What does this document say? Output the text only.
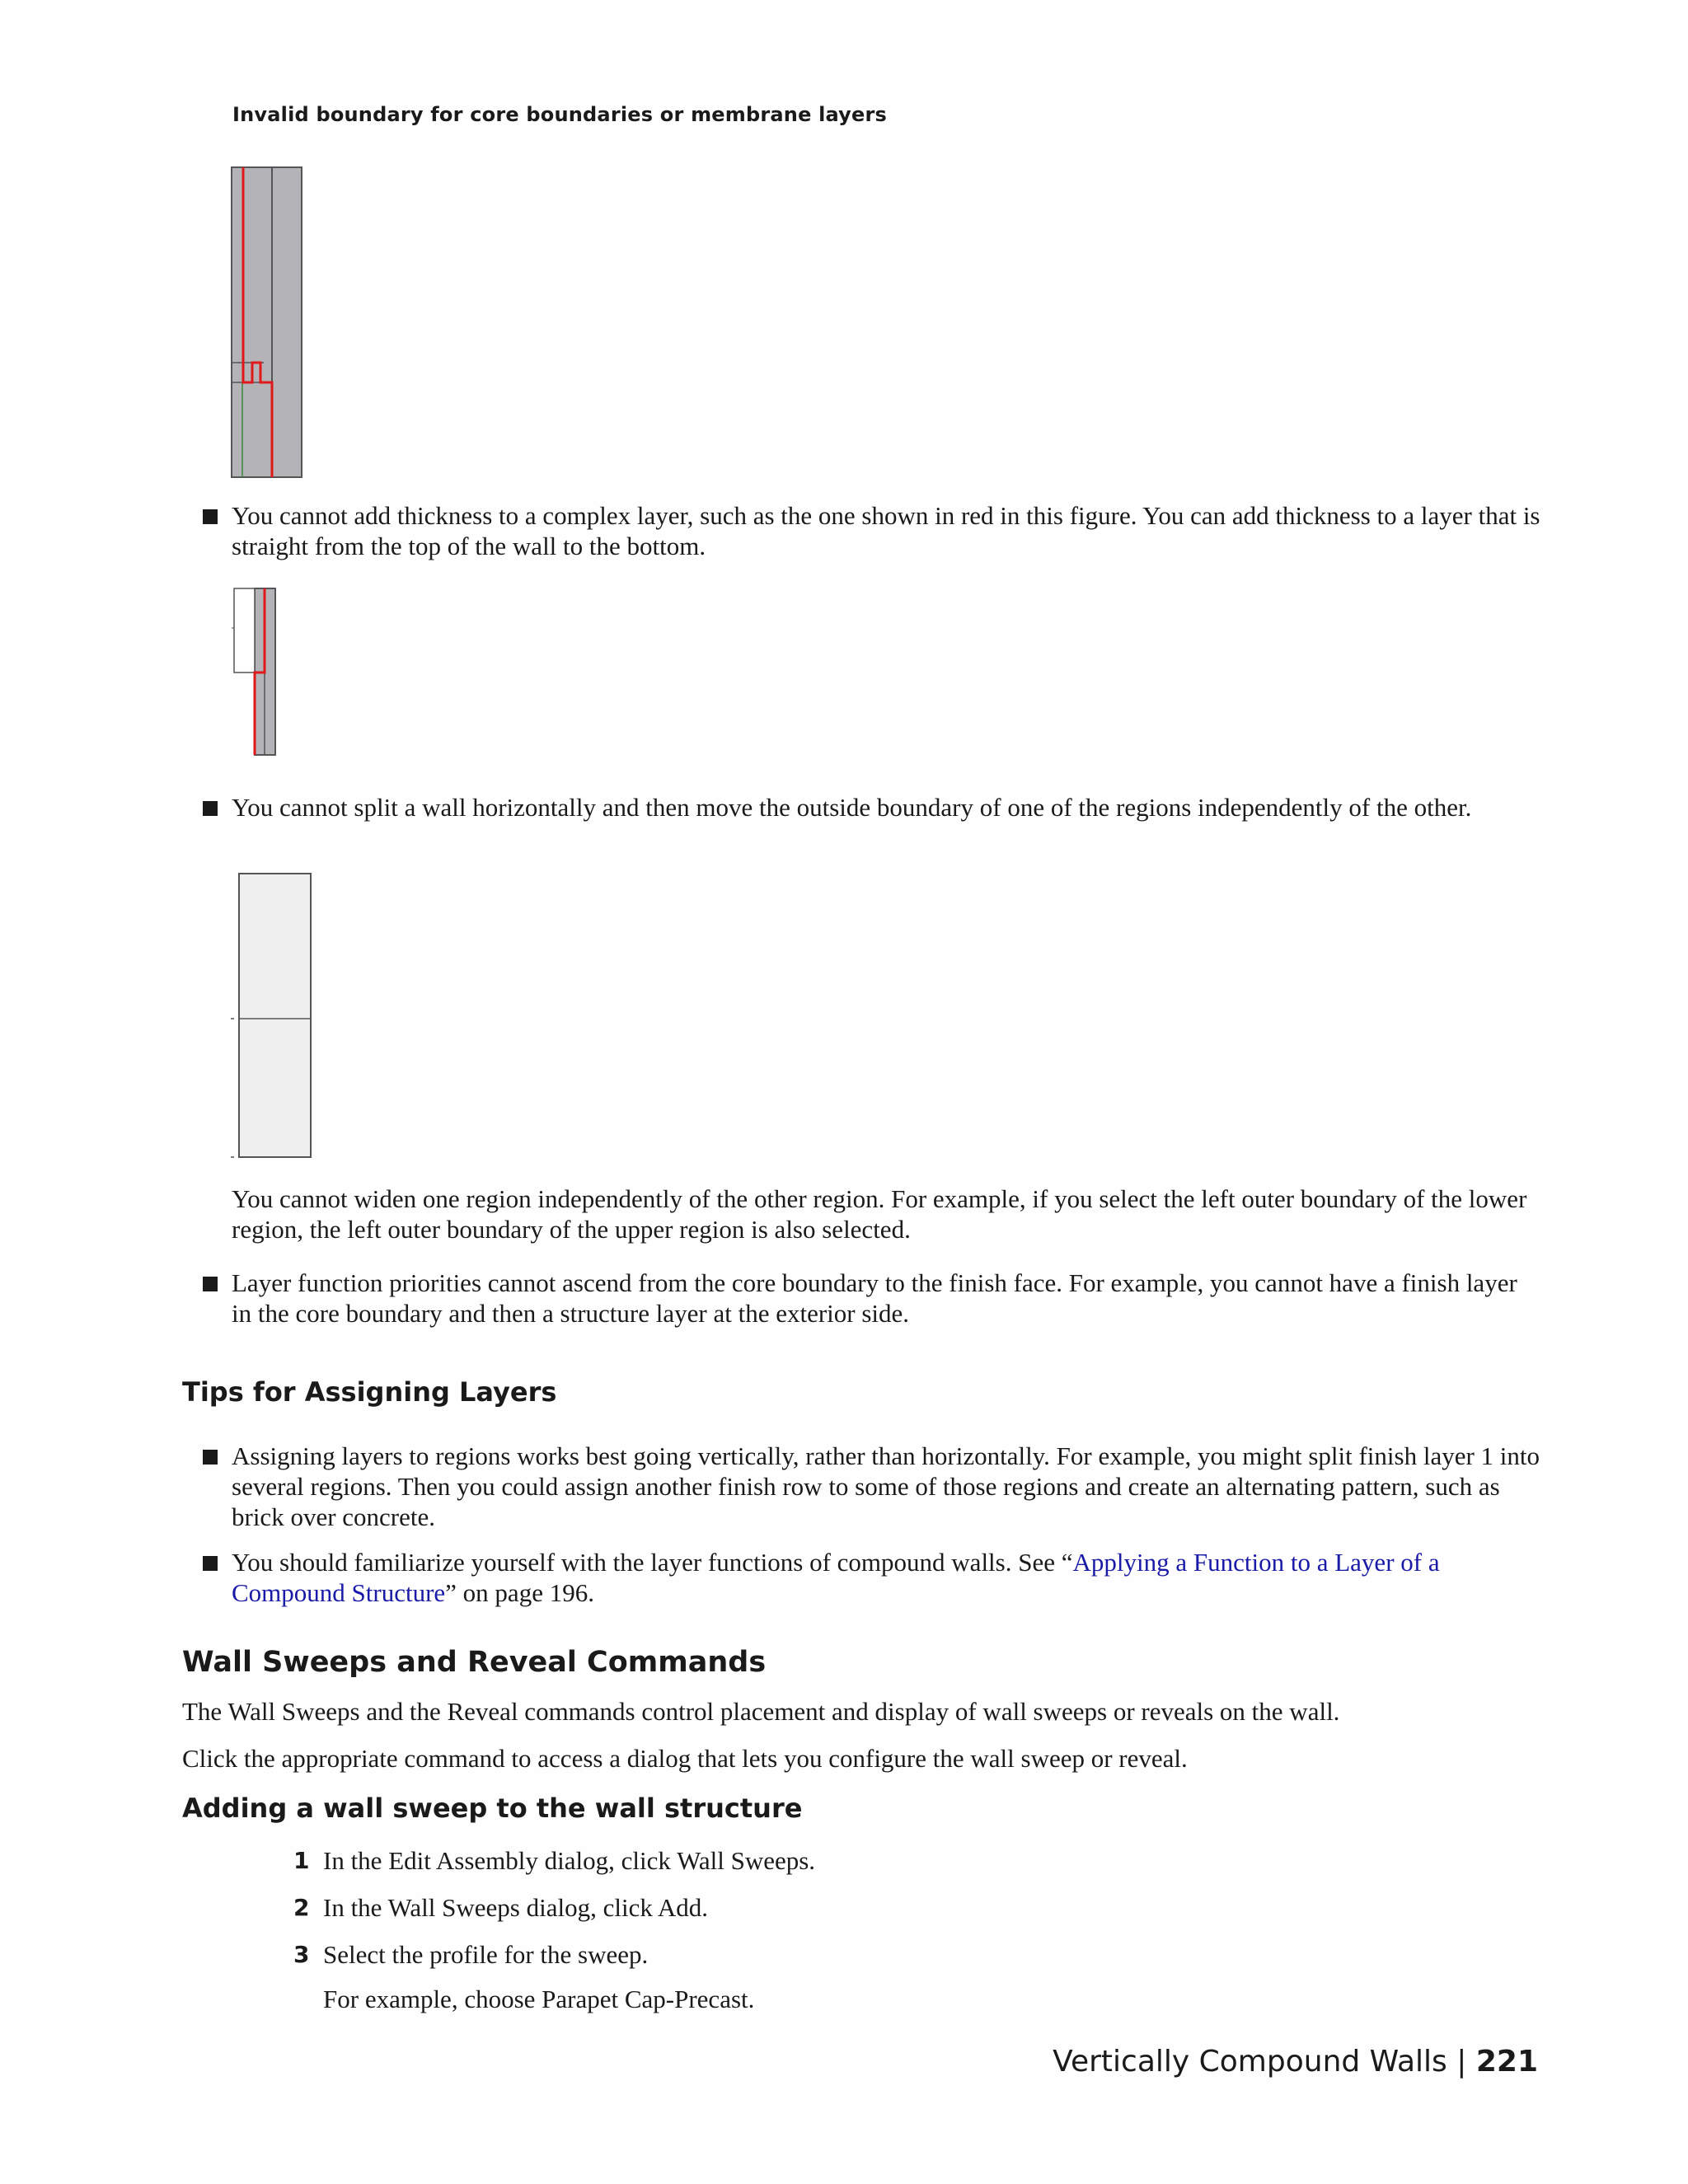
Invalid boundary for core boundaries or membrane layers
You cannot add thickness to a complex layer, such as the one shown in red in this figure. You can add thickness to a layer that is straight from the top of the wall to the bottom.
You cannot split a wall horizontally and then move the outside boundary of one of the regions independently of the other.
You cannot widen one region independently of the other region. For example, if you select the left outer boundary of the lower region, the left outer boundary of the upper region is also selected.
Layer function priorities cannot ascend from the core boundary to the finish face. For example, you cannot have a finish layer in the core boundary and then a structure layer at the exterior side.
Tips for Assigning Layers
Assigning layers to regions works best going vertically, rather than horizontally. For example, you might split finish layer 1 into several regions. Then you could assign another finish row to some of those regions and create an alternating pattern, such as brick over concrete.
You should familiarize yourself with the layer functions of compound walls. See “Applying a Function to a Layer of a Compound Structure” on page 196.
Wall Sweeps and Reveal Commands
The Wall Sweeps and the Reveal commands control placement and display of wall sweeps or reveals on the wall.
Click the appropriate command to access a dialog that lets you configure the wall sweep or reveal.
Adding a wall sweep to the wall structure
1 In the Edit Assembly dialog, click Wall Sweeps.
2 In the Wall Sweeps dialog, click Add.
3 Select the profile for the sweep.
For example, choose Parapet Cap-Precast.
Vertically Compound Walls | 221
